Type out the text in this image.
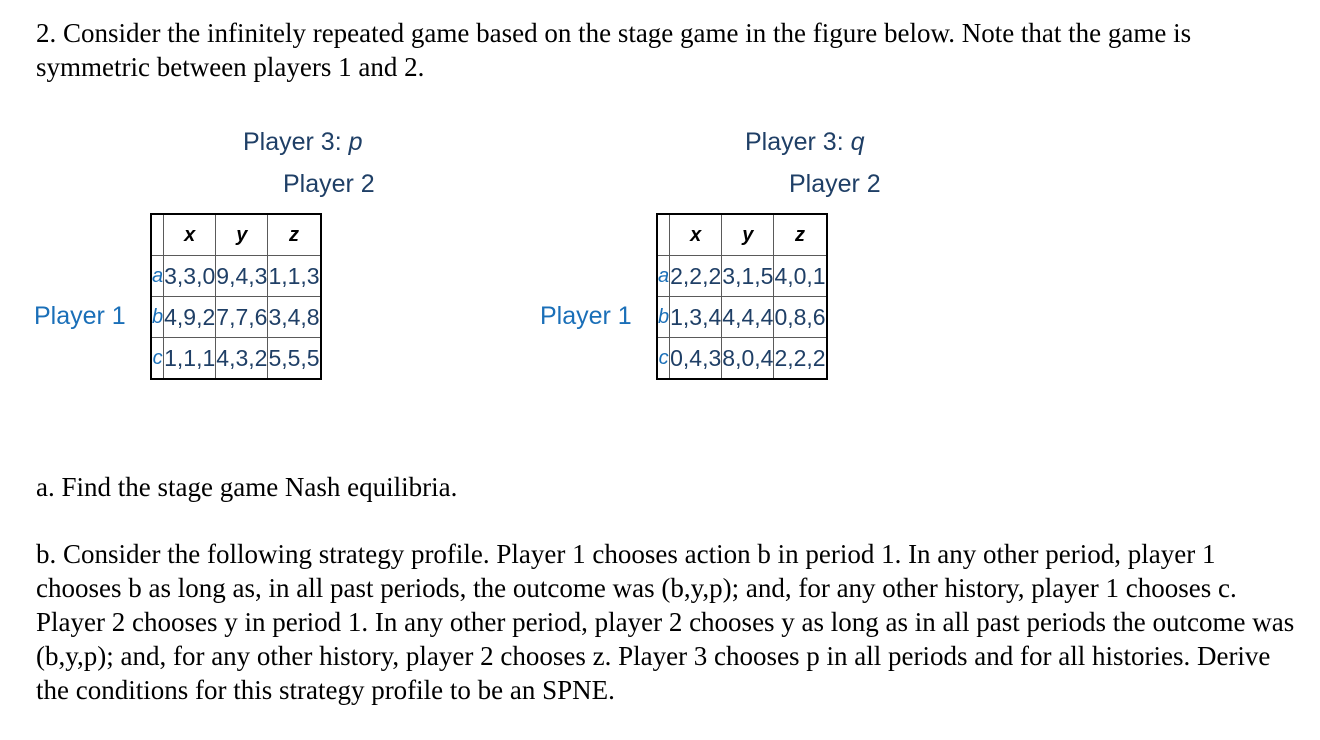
2. Consider the infinitely repeated game based on the stage game in the figure below. Note that the game is symmetric between players 1 and 2.
Player 3: p
Player 2
Player 1
	x	y	z
a	3,3,0	9,4,3	1,1,3
b	4,9,2	7,7,6	3,4,8
c	1,1,1	4,3,2	5,5,5
Player 3: q
Player 2
Player 1
	x	y	z
a	2,2,2	3,1,5	4,0,1
b	1,3,4	4,4,4	0,8,6
c	0,4,3	8,0,4	2,2,2
a. Find the stage game Nash equilibria.
b. Consider the following strategy profile. Player 1 chooses action b in period 1. In any other period, player 1 chooses b as long as, in all past periods, the outcome was (b,y,p); and, for any other history, player 1 chooses c. Player 2 chooses y in period 1. In any other period, player 2 chooses y as long as in all past periods the outcome was (b,y,p); and, for any other history, player 2 chooses z. Player 3 chooses p in all periods and for all histories. Derive the conditions for this strategy profile to be an SPNE.
